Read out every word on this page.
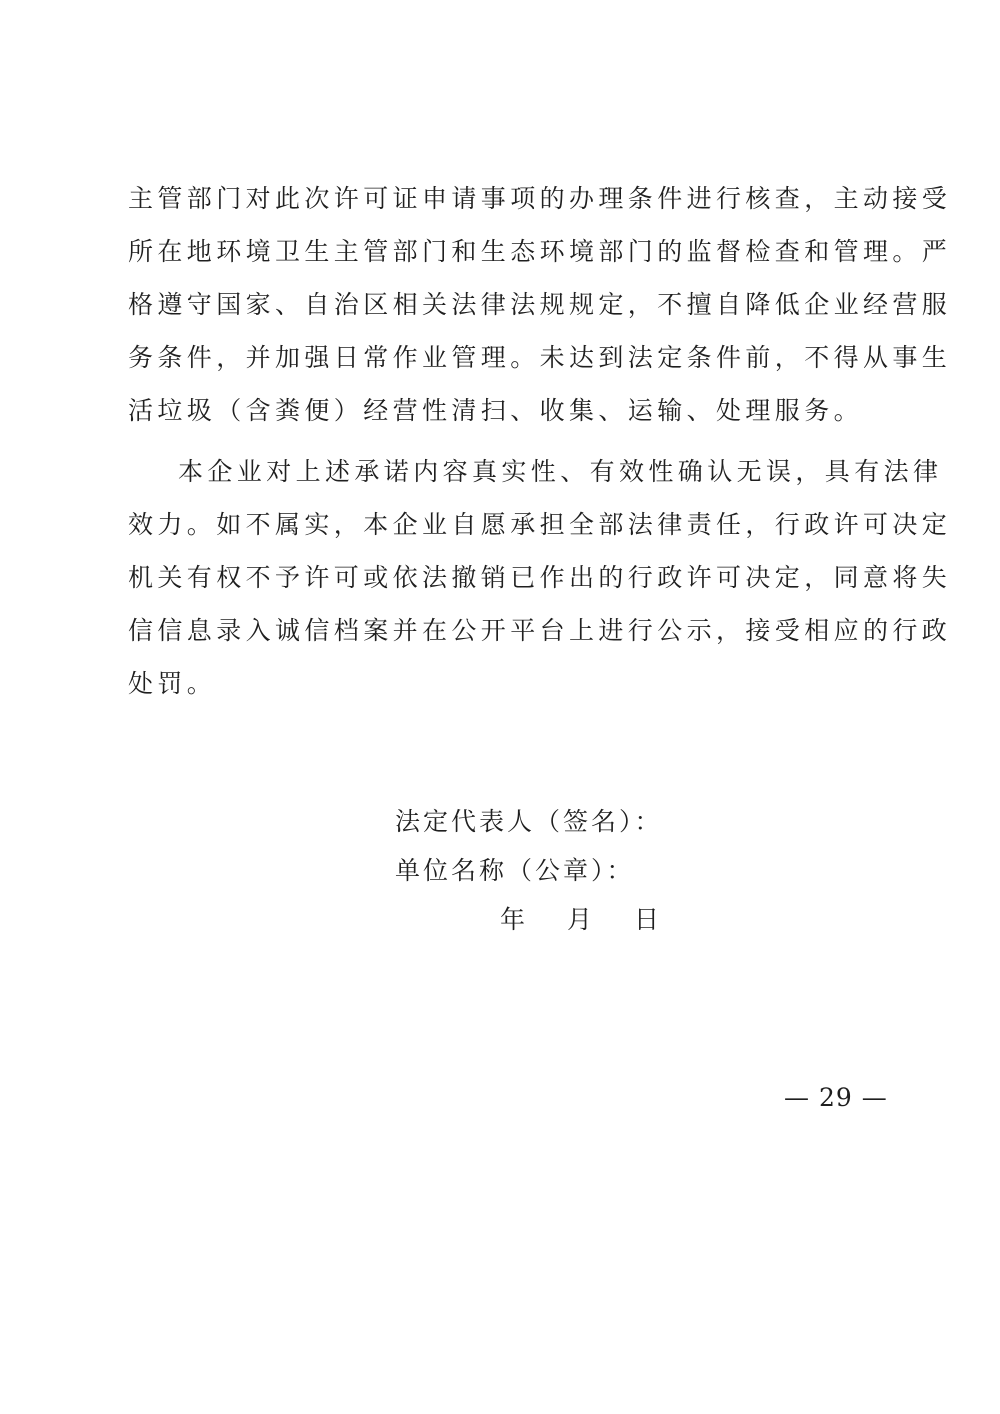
主管部门对此次许可证申请事项的办理条件进行核查，主动接受
所在地环境卫生主管部门和生态环境部门的监督检查和管理。严
格遵守国家、自治区相关法律法规规定，不擅自降低企业经营服
务条件，并加强日常作业管理。未达到法定条件前，不得从事生
活垃圾（含粪便）经营性清扫、收集、运输、处理服务。

本企业对上述承诺内容真实性、有效性确认无误，具有法律
效力。如不属实，本企业自愿承担全部法律责任，行政许可决定
机关有权不予许可或依法撤销已作出的行政许可决定，同意将失
信信息录入诚信档案并在公开平台上进行公示，接受相应的行政
处罚。

法定代表人（签名）：
单位名称（公章）：
年 月 日
— 29 —
